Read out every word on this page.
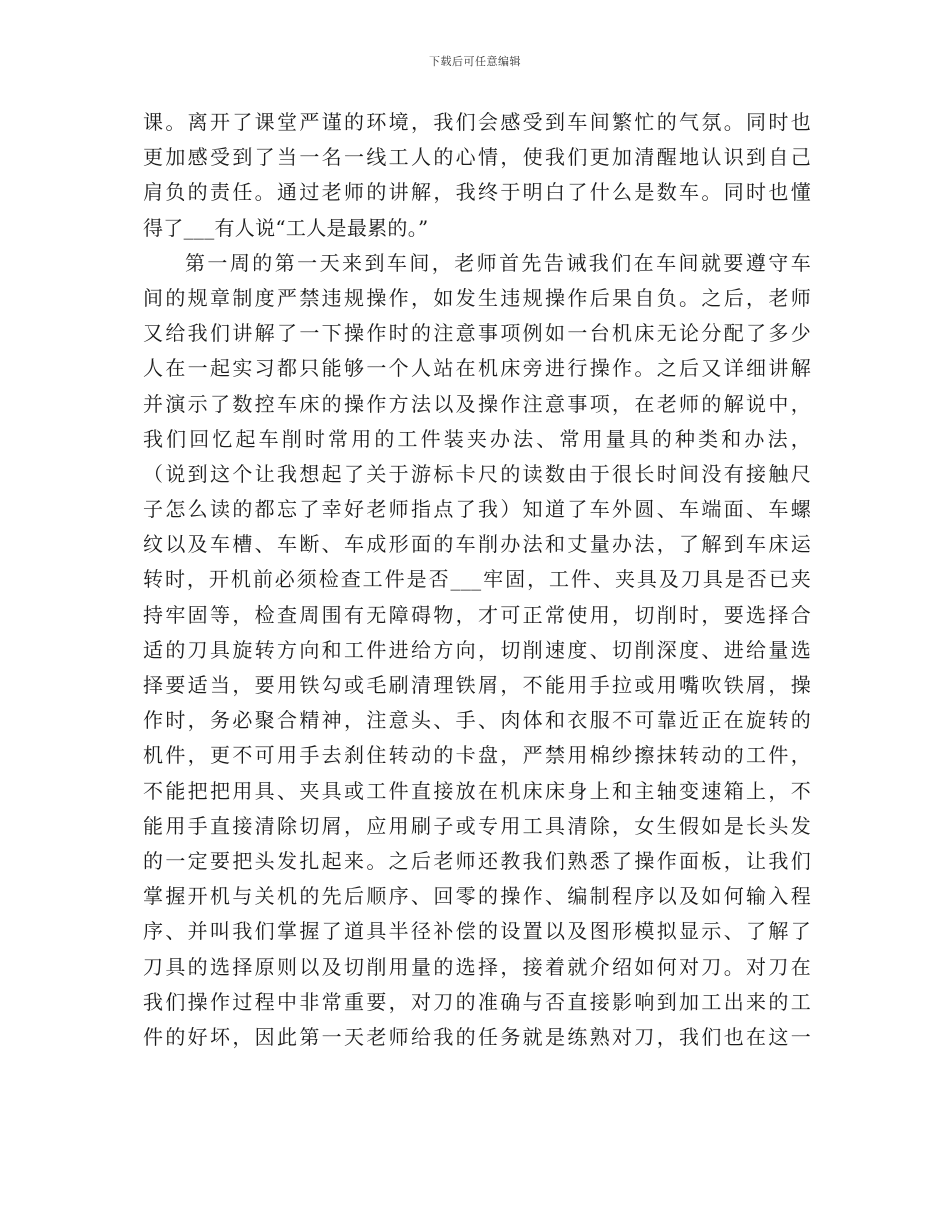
下载后可任意编辑
课。离开了课堂严谨的环境，我们会感受到车间繁忙的气氛。同时也
更加感受到了当一名一线工人的心情，使我们更加清醒地认识到自己
肩负的责任。通过老师的讲解，我终于明白了什么是数车。同时也懂
得了___有人说“工人是最累的。”
第一周的第一天来到车间，老师首先告诫我们在车间就要遵守车
间的规章制度严禁违规操作，如发生违规操作后果自负。之后，老师
又给我们讲解了一下操作时的注意事项例如一台机床无论分配了多少
人在一起实习都只能够一个人站在机床旁进行操作。之后又详细讲解
并演示了数控车床的操作方法以及操作注意事项，在老师的解说中，
我们回忆起车削时常用的工件装夹办法、常用量具的种类和办法，
（说到这个让我想起了关于游标卡尺的读数由于很长时间没有接触尺
子怎么读的都忘了幸好老师指点了我）知道了车外圆、车端面、车螺
纹以及车槽、车断、车成形面的车削办法和丈量办法，了解到车床运
转时，开机前必须检查工件是否___牢固，工件、夹具及刀具是否已夹
持牢固等，检查周围有无障碍物，才可正常使用，切削时，要选择合
适的刀具旋转方向和工件进给方向，切削速度、切削深度、进给量选
择要适当，要用铁勾或毛刷清理铁屑，不能用手拉或用嘴吹铁屑，操
作时，务必聚合精神，注意头、手、肉体和衣服不可靠近正在旋转的
机件，更不可用手去刹住转动的卡盘，严禁用棉纱擦抹转动的工件，
不能把把用具、夹具或工件直接放在机床床身上和主轴变速箱上，不
能用手直接清除切屑，应用刷子或专用工具清除，女生假如是长头发
的一定要把头发扎起来。之后老师还教我们熟悉了操作面板，让我们
掌握开机与关机的先后顺序、回零的操作、编制程序以及如何输入程
序、并叫我们掌握了道具半径补偿的设置以及图形模拟显示、了解了
刀具的选择原则以及切削用量的选择，接着就介绍如何对刀。对刀在
我们操作过程中非常重要，对刀的准确与否直接影响到加工出来的工
件的好坏，因此第一天老师给我的任务就是练熟对刀，我们也在这一
